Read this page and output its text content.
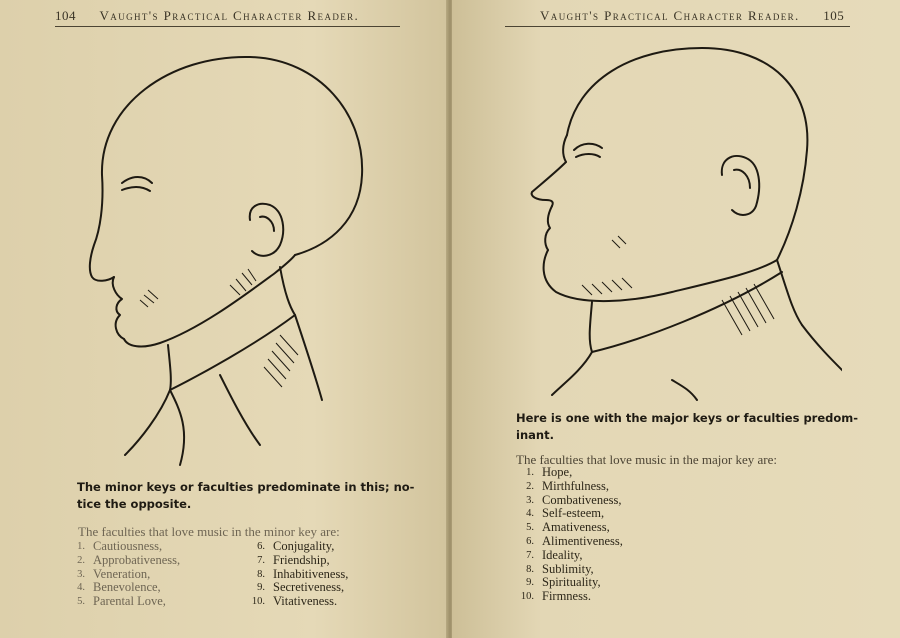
104 Vaught's Practical Character Reader.
The minor keys or faculties predominate in this; no-
tice the opposite.
The faculties that love music in the minor key are:
1. Cautiousness,
2. Approbativeness,
3. Veneration,
4. Benevolence,
5. Parental Love,
6. Conjugality,
7. Friendship,
8. Inhabitiveness,
9. Secretiveness,
10. Vitativeness.
Vaught's Practical Character Reader. 105
Here is one with the major keys or faculties predom-
inant.
The faculties that love music in the major key are:
1. Hope,
2. Mirthfulness,
3. Combativeness,
4. Self-esteem,
5. Amativeness,
6. Alimentiveness,
7. Ideality,
8. Sublimity,
9. Spirituality,
10. Firmness.
